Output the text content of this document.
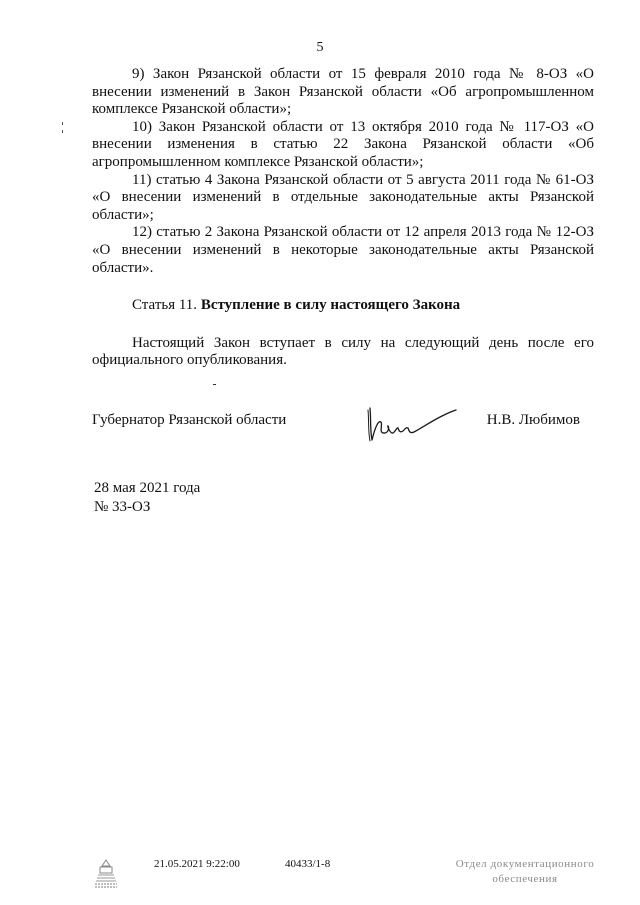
5

9) Закон Рязанской области от 15 февраля 2010 года № 8-ОЗ «О внесении изменений в Закон Рязанской области «Об агропромышленном комплексе Рязанской области»;

10) Закон Рязанской области от 13 октября 2010 года № 117-ОЗ «О внесении изменения в статью 22 Закона Рязанской области «Об агропромышленном комплексе Рязанской области»;

11) статью 4 Закона Рязанской области от 5 августа 2011 года № 61-ОЗ «О внесении изменений в отдельные законодательные акты Рязанской области»;

12) статью 2 Закона Рязанской области от 12 апреля 2013 года № 12-ОЗ «О внесении изменений в некоторые законодательные акты Рязанской области».

Статья 11. Вступление в силу настоящего Закона

Настоящий Закон вступает в силу на следующий день после его официального опубликования.

Губернатор Рязанской области	Н.В. Любимов
28 мая 2021 года
№ 33-ОЗ
21.05.2021 9:22:00	40433/1-8	Отдел документационного
обеспечения
